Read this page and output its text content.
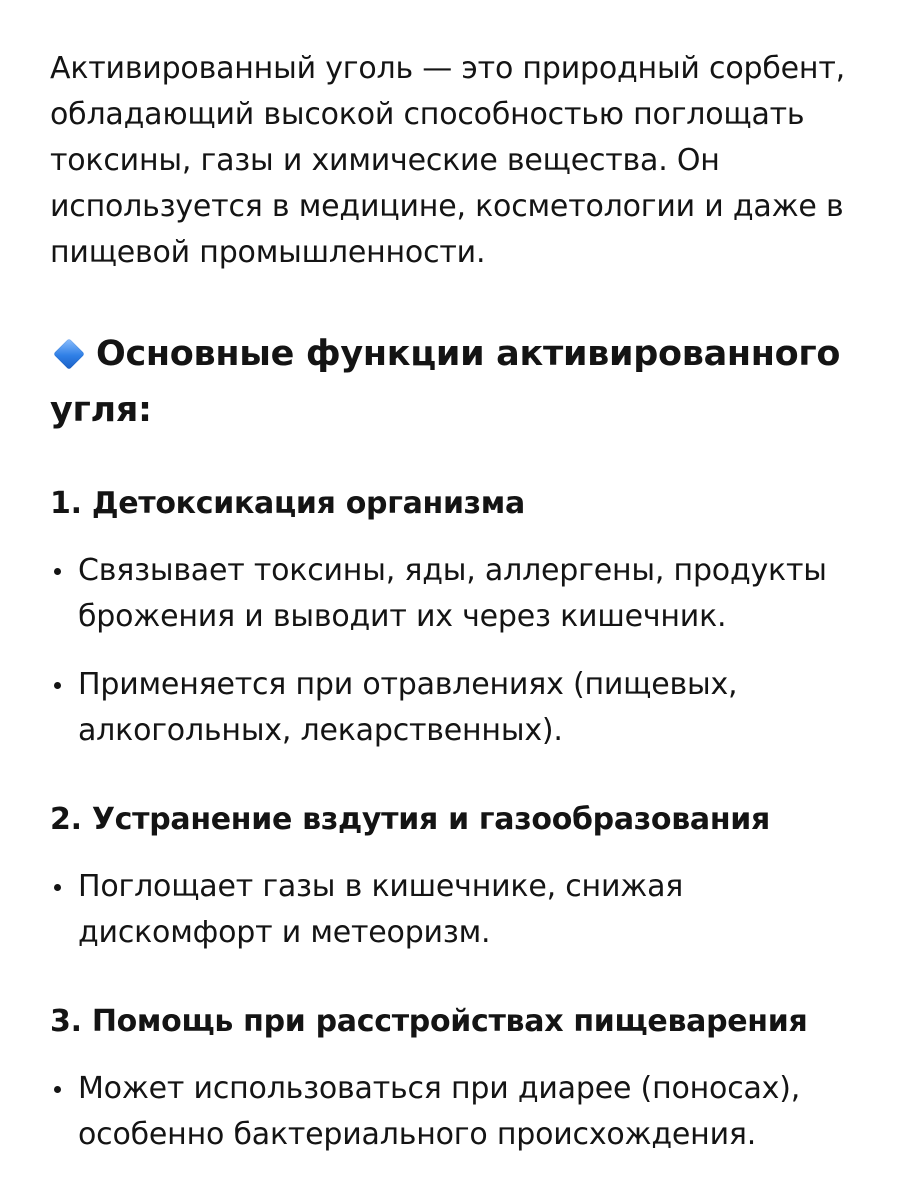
Активированный уголь — это природный сорбент, обладающий высокой способностью поглощать токсины, газы и химические вещества. Он используется в медицине, косметологии и даже в пищевой промышленности.

Основные функции активированного угля:
1. Детоксикация организма
Связывает токсины, яды, аллергены, продукты брожения и выводит их через кишечник.
Применяется при отравлениях (пищевых, алкогольных, лекарственных).
2. Устранение вздутия и газообразования
Поглощает газы в кишечнике, снижая дискомфорт и метеоризм.
3. Помощь при расстройствах пищеварения
Может использоваться при диарее (поносах), особенно бактериального происхождения.
